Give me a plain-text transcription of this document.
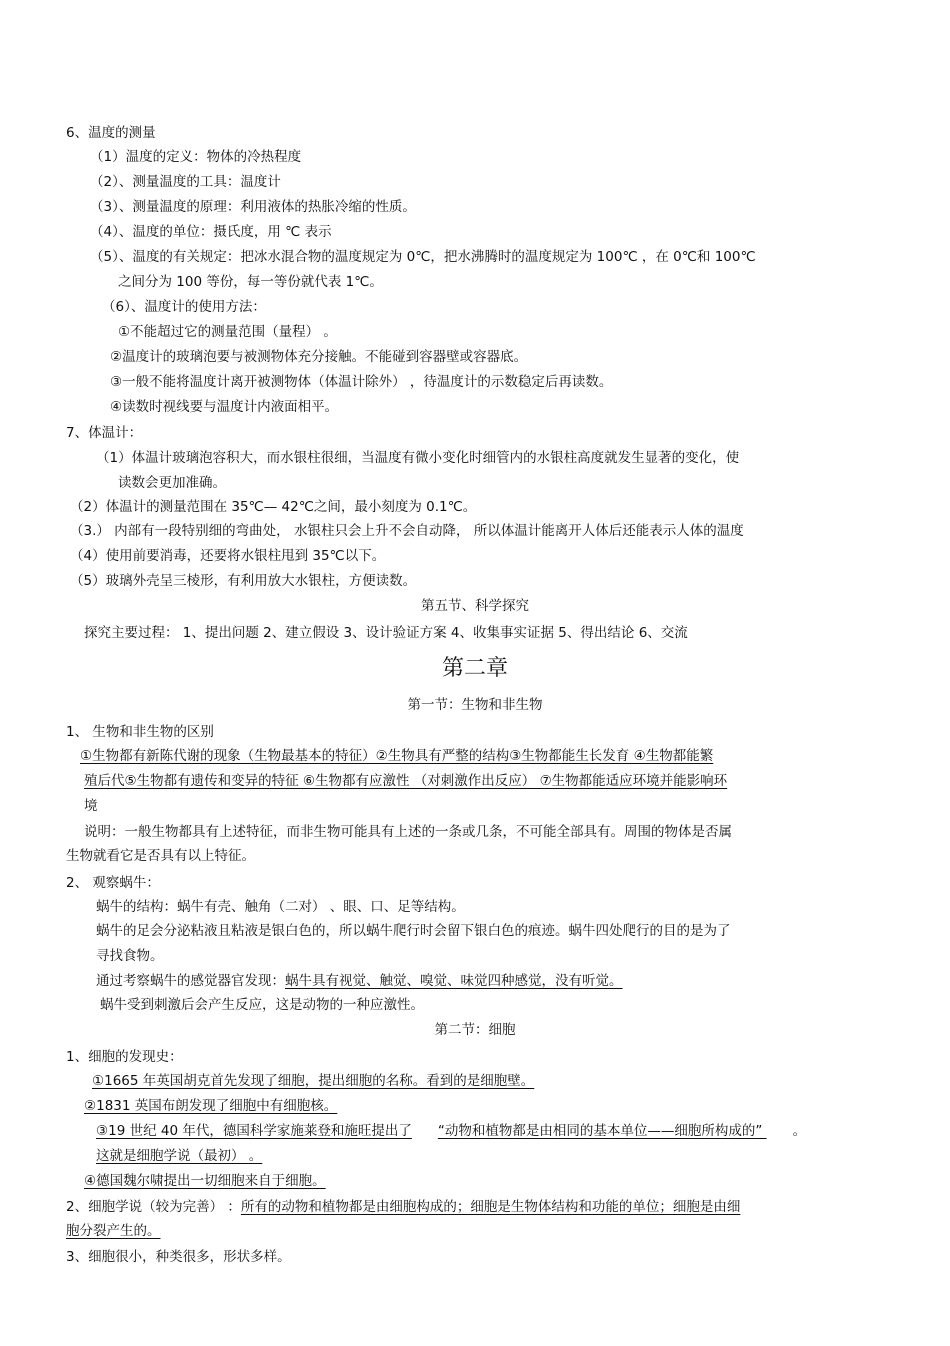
6、温度的测量
（1）温度的定义：物体的冷热程度
（2）、测量温度的工具：温度计
（3）、测量温度的原理：利用液体的热胀冷缩的性质。
（4）、温度的单位：摄氏度，用 ℃ 表示
（5）、温度的有关规定：把冰水混合物的温度规定为 0℃，把水沸腾时的温度规定为 100℃ ，在 0℃和 100℃
之间分为 100 等份，每一等份就代表 1℃。
（6）、温度计的使用方法：
①不能超过它的测量范围（量程） 。
②温度计的玻璃泡要与被测物体充分接触。不能碰到容器壁或容器底。
③一般不能将温度计离开被测物体（体温计除外） ，待温度计的示数稳定后再读数。
④读数时视线要与温度计内液面相平。
7、体温计：
（1）体温计玻璃泡容积大，而水银柱很细，当温度有微小变化时细管内的水银柱高度就发生显著的变化，使
读数会更加准确。
（2）体温计的测量范围在 35℃— 42℃之间，最小刻度为 0.1℃。
（3.） 内部有一段特别细的弯曲处， 水银柱只会上升不会自动降， 所以体温计能离开人体后还能表示人体的温度
（4）使用前要消毒，还要将水银柱甩到 35℃以下。
（5）玻璃外壳呈三棱形，有利用放大水银柱，方便读数。
第五节、科学探究
探究主要过程： 1、提出问题 2、建立假设 3、设计验证方案 4、收集事实证据 5、得出结论 6、交流
第二章
第一节：生物和非生物
1、 生物和非生物的区别
①生物都有新陈代谢的现象（生物最基本的特征）②生物具有严整的结构③生物都能生长发育 ④生物都能繁
殖后代⑤生物都有遗传和变异的特征 ⑥生物都有应激性 （对刺激作出反应） ⑦生物都能适应环境并能影响环
境
说明：一般生物都具有上述特征，而非生物可能具有上述的一条或几条，不可能全部具有。周围的物体是否属
生物就看它是否具有以上特征。
2、 观察蜗牛：
蜗牛的结构：蜗牛有壳、触角（二对） 、眼、口、足等结构。
蜗牛的足会分泌粘液且粘液是银白色的，所以蜗牛爬行时会留下银白色的痕迹。蜗牛四处爬行的目的是为了
寻找食物。
通过考察蜗牛的感觉器官发现：蜗牛具有视觉、触觉、嗅觉、味觉四种感觉，没有听觉。
蜗牛受到刺激后会产生反应，这是动物的一种应激性。
第二节：细胞
1、细胞的发现史：
①1665 年英国胡克首先发现了细胞，提出细胞的名称。看到的是细胞壁。
②1831 英国布朗发现了细胞中有细胞核。
③19 世纪 40 年代，德国科学家施莱登和施旺提出了 “动物和植物都是由相同的基本单位——细胞所构成的” 。
这就是细胞学说（最初） 。
④德国魏尔啸提出一切细胞来自于细胞。
2、细胞学说（较为完善） ：所有的动物和植物都是由细胞构成的；细胞是生物体结构和功能的单位；细胞是由细
胞分裂产生的。
3、细胞很小，种类很多，形状多样。
